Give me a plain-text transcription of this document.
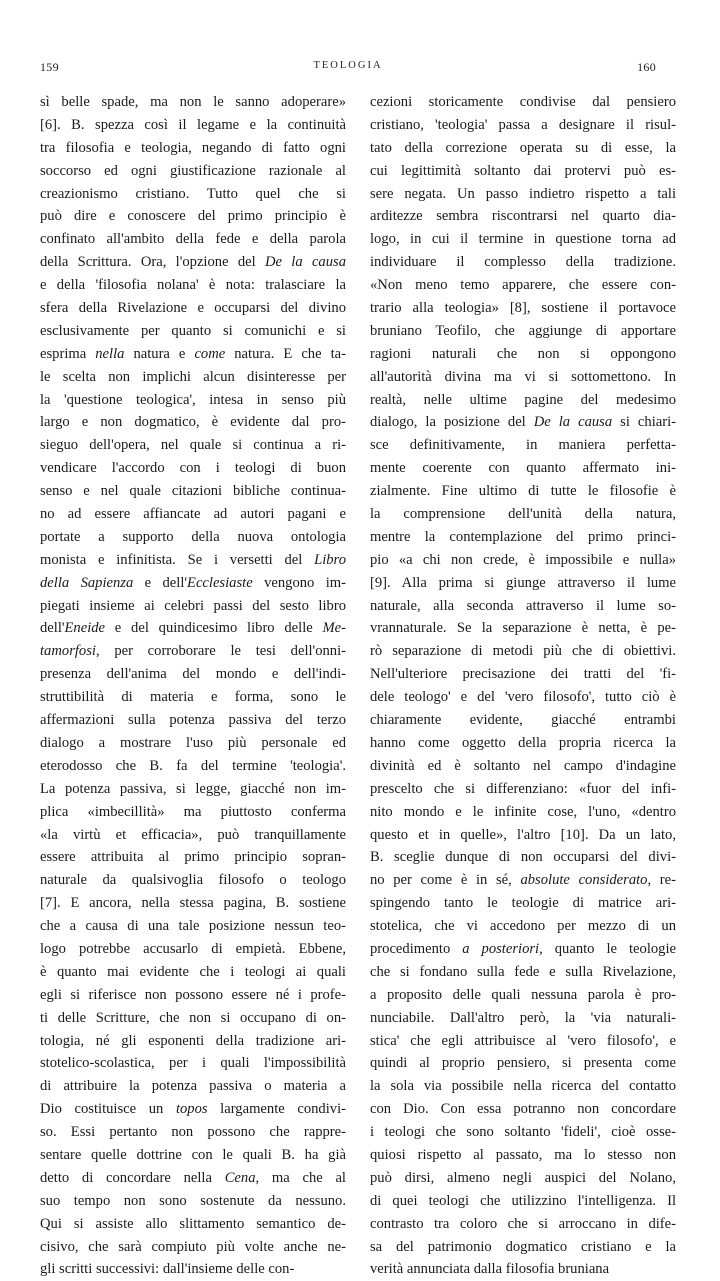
159	TEOLOGIA	160
sì belle spade, ma non le sanno adoperare»
[6]. B. spezza così il legame e la continuità
tra filosofia e teologia, negando di fatto ogni
soccorso ed ogni giustificazione razionale al
creazionismo cristiano. Tutto quel che si
può dire e conoscere del primo principio è
confinato all'ambito della fede e della parola
della Scrittura. Ora, l'opzione del De la causa
e della 'filosofia nolana' è nota: tralasciare la
sfera della Rivelazione e occuparsi del divino
esclusivamente per quanto si comunichi e si
esprima nella natura e come natura. E che ta-
le scelta non implichi alcun disinteresse per
la 'questione teologica', intesa in senso più
largo e non dogmatico, è evidente dal pro-
sieguo dell'opera, nel quale si continua a ri-
vendicare l'accordo con i teologi di buon
senso e nel quale citazioni bibliche continua-
no ad essere affiancate ad autori pagani e
portate a supporto della nuova ontologia
monista e infinitista. Se i versetti del Libro
della Sapienza e dell'Ecclesiaste vengono im-
piegati insieme ai celebri passi del sesto libro
dell'Eneide e del quindicesimo libro delle Me-
tamorfosi, per corroborare le tesi dell'onni-
presenza dell'anima del mondo e dell'indi-
struttibilità di materia e forma, sono le
affermazioni sulla potenza passiva del terzo
dialogo a mostrare l'uso più personale ed
eterodosso che B. fa del termine 'teologia'.
La potenza passiva, si legge, giacché non im-
plica «imbecillità» ma piuttosto conferma
«la virtù et efficacia», può tranquillamente
essere attribuita al primo principio sopran-
naturale da qualsivoglia filosofo o teologo
[7]. E ancora, nella stessa pagina, B. sostiene
che a causa di una tale posizione nessun teo-
logo potrebbe accusarlo di empietà. Ebbene,
è quanto mai evidente che i teologi ai quali
egli si riferisce non possono essere né i profe-
ti delle Scritture, che non si occupano di on-
tologia, né gli esponenti della tradizione ari-
stotelico-scolastica, per i quali l'impossibilità
di attribuire la potenza passiva o materia a
Dio costituisce un topos largamente condivi-
so. Essi pertanto non possono che rappre-
sentare quelle dottrine con le quali B. ha già
detto di concordare nella Cena, ma che al
suo tempo non sono sostenute da nessuno.
Qui si assiste allo slittamento semantico de-
cisivo, che sarà compiuto più volte anche ne-
gli scritti successivi: dall'insieme delle con-
cezioni storicamente condivise dal pensiero
cristiano, 'teologia' passa a designare il risul-
tato della correzione operata su di esse, la
cui legittimità soltanto dai protervi può es-
sere negata. Un passo indietro rispetto a tali
arditezze sembra riscontrarsi nel quarto dia-
logo, in cui il termine in questione torna ad
individuare il complesso della tradizione.
«Non meno temo apparere, che essere con-
trario alla teologia» [8], sostiene il portavoce
bruniano Teofilo, che aggiunge di apportare
ragioni naturali che non si oppongono
all'autorità divina ma vi si sottomettono. In
realtà, nelle ultime pagine del medesimo
dialogo, la posizione del De la causa si chiari-
sce definitivamente, in maniera perfetta-
mente coerente con quanto affermato ini-
zialmente. Fine ultimo di tutte le filosofie è
la comprensione dell'unità della natura,
mentre la contemplazione del primo princi-
pio «a chi non crede, è impossibile e nulla»
[9]. Alla prima si giunge attraverso il lume
naturale, alla seconda attraverso il lume so-
vrannaturale. Se la separazione è netta, è pe-
rò separazione di metodi più che di obiettivi.
Nell'ulteriore precisazione dei tratti del 'fi-
dele teologo' e del 'vero filosofo', tutto ciò è
chiaramente evidente, giacché entrambi
hanno come oggetto della propria ricerca la
divinità ed è soltanto nel campo d'indagine
prescelto che si differenziano: «fuor del infi-
nito mondo e le infinite cose, l'uno, «dentro
questo et in quelle», l'altro [10]. Da un lato,
B. sceglie dunque di non occuparsi del divi-
no per come è in sé, absolute considerato, re-
spingendo tanto le teologie di matrice ari-
stotelica, che vi accedono per mezzo di un
procedimento a posteriori, quanto le teologie
che si fondano sulla fede e sulla Rivelazione,
a proposito delle quali nessuna parola è pro-
nunciabile. Dall'altro però, la 'via naturali-
stica' che egli attribuisce al 'vero filosofo', e
quindi al proprio pensiero, si presenta come
la sola via possibile nella ricerca del contatto
con Dio. Con essa potranno non concordare
i teologi che sono soltanto 'fideli', cioè osse-
quiosi rispetto al passato, ma lo stesso non
può dirsi, almeno negli auspici del Nolano,
di quei teologi che utilizzino l'intelligenza. Il
contrasto tra coloro che si arroccano in dife-
sa del patrimonio dogmatico cristiano e la
verità annunciata dalla filosofia bruniana
